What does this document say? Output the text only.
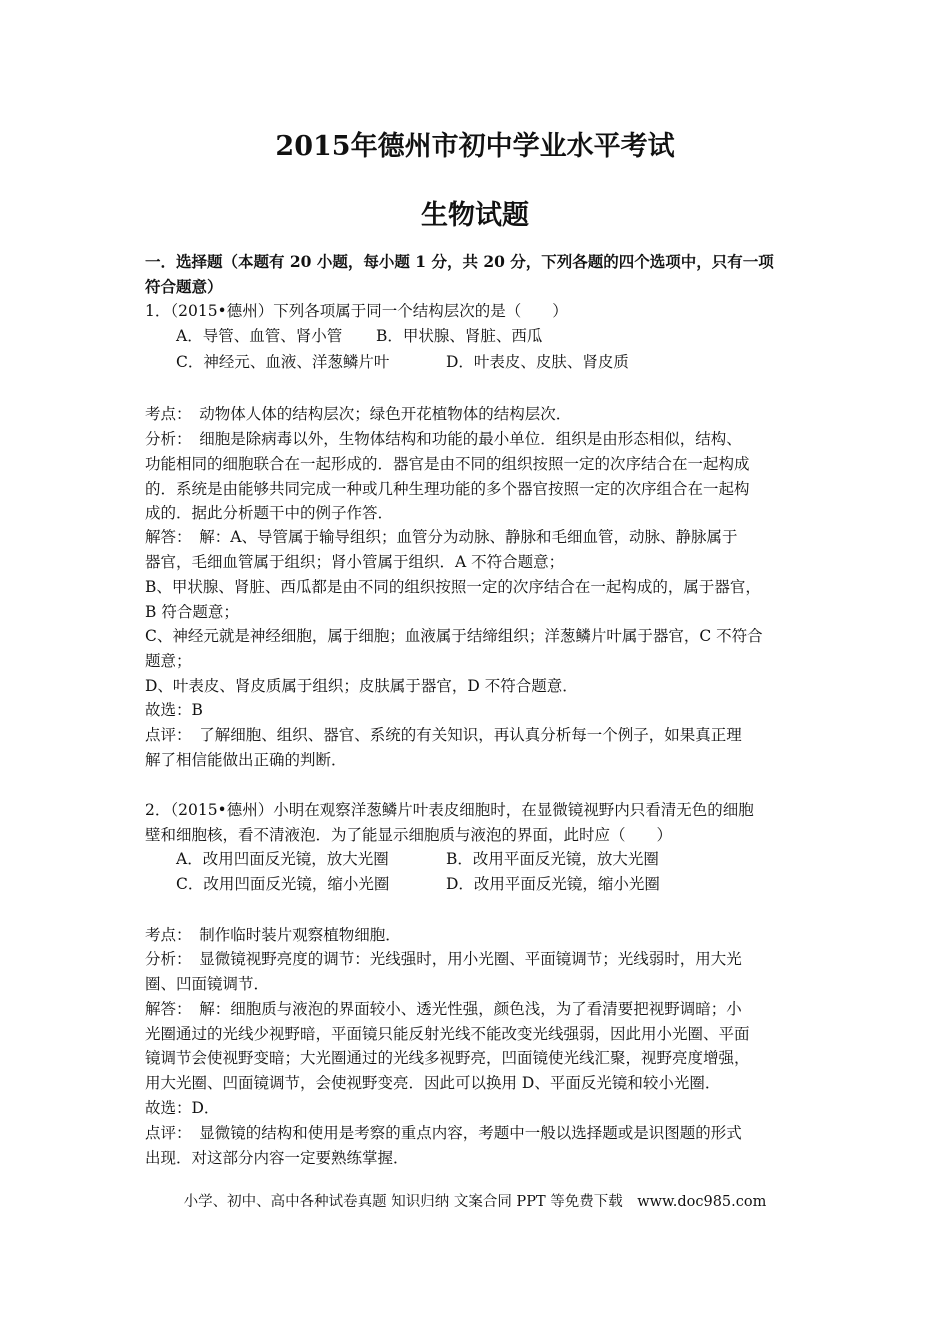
2015年德州市初中学业水平考试
生物试题
一．选择题（本题有 20 小题，每小题 1 分，共 20 分，下列各题的四个选项中，只有一项
符合题意）
1．（2015•德州）下列各项属于同一个结构层次的是（　　）
A．导管、血管、肾小管 B．甲状腺、肾脏、西瓜
C．神经元、血液、洋葱鳞片叶	D．叶表皮、皮肤、肾皮质
考点：　动物体人体的结构层次；绿色开花植物体的结构层次．
分析：　细胞是除病毒以外，生物体结构和功能的最小单位．组织是由形态相似，结构、
功能相同的细胞联合在一起形成的．器官是由不同的组织按照一定的次序结合在一起构成
的．系统是由能够共同完成一种或几种生理功能的多个器官按照一定的次序组合在一起构
成的．据此分析题干中的例子作答．
解答：　解：A、导管属于输导组织；血管分为动脉、静脉和毛细血管，动脉、静脉属于
器官，毛细血管属于组织；肾小管属于组织．A 不符合题意；
B、甲状腺、肾脏、西瓜都是由不同的组织按照一定的次序结合在一起构成的，属于器官，
B 符合题意；
C、神经元就是神经细胞，属于细胞；血液属于结缔组织；洋葱鳞片叶属于器官，C 不符合
题意；
D、叶表皮、肾皮质属于组织；皮肤属于器官，D 不符合题意．
故选：B
点评：　了解细胞、组织、器官、系统的有关知识，再认真分析每一个例子，如果真正理
解了相信能做出正确的判断．
2．（2015•德州）小明在观察洋葱鳞片叶表皮细胞时，在显微镜视野内只看清无色的细胞
壁和细胞核，看不清液泡．为了能显示细胞质与液泡的界面，此时应（　　）
A．改用凹面反光镜，放大光圈	B．改用平面反光镜，放大光圈
C．改用凹面反光镜，缩小光圈	D．改用平面反光镜，缩小光圈
考点：　制作临时装片观察植物细胞．
分析：　显微镜视野亮度的调节：光线强时，用小光圈、平面镜调节；光线弱时，用大光
圈、凹面镜调节．
解答：　解：细胞质与液泡的界面较小、透光性强，颜色浅，为了看清要把视野调暗；小
光圈通过的光线少视野暗，平面镜只能反射光线不能改变光线强弱，因此用小光圈、平面
镜调节会使视野变暗；大光圈通过的光线多视野亮，凹面镜使光线汇聚，视野亮度增强，
用大光圈、凹面镜调节，会使视野变亮．因此可以换用 D、平面反光镜和较小光圈．
故选：D．
点评：　显微镜的结构和使用是考察的重点内容，考题中一般以选择题或是识图题的形式
出现．对这部分内容一定要熟练掌握．
小学、初中、高中各种试卷真题 知识归纳 文案合同 PPT 等免费下载　www.doc985.com
